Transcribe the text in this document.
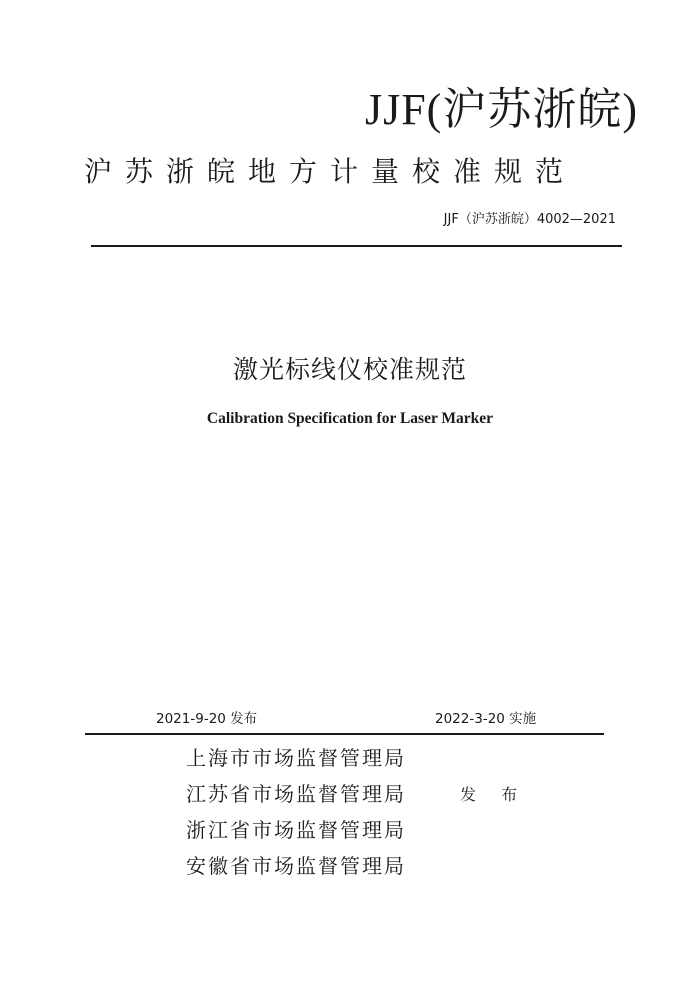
JJF(沪苏浙皖)
沪苏浙皖地方计量校准规范
JJF（沪苏浙皖）4002—2021
激光标线仪校准规范
Calibration Specification for Laser Marker
2021-9-20 发布	2022-3-20 实施
上海市市场监督管理局
江苏省市场监督管理局
浙江省市场监督管理局
安徽省市场监督管理局
发 布
